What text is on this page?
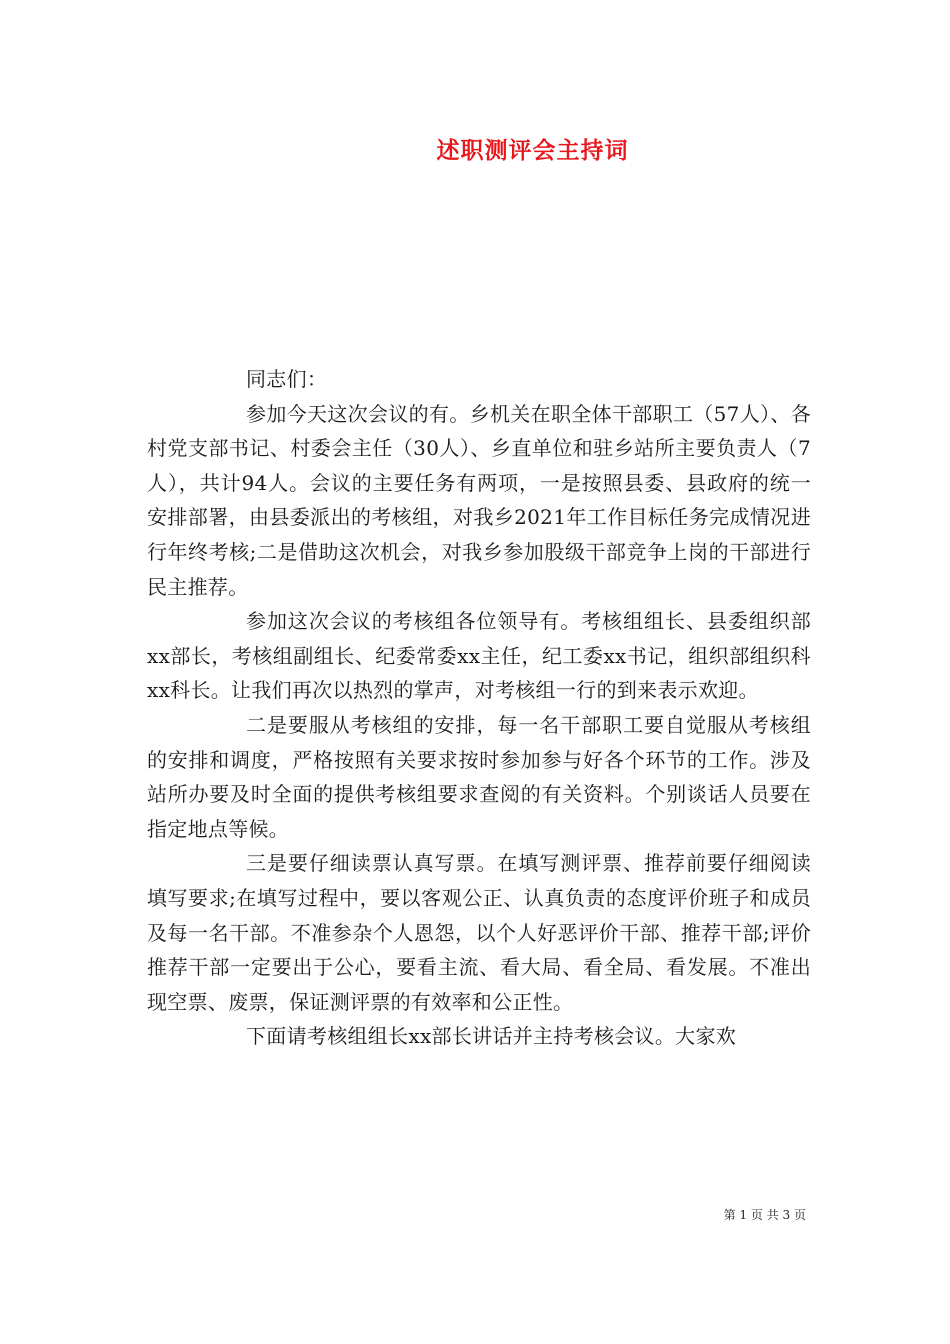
述职测评会主持词

同志们：

参加今天这次会议的有。乡机关在职全体干部职工（57人）、各村党支部书记、村委会主任（30人）、乡直单位和驻乡站所主要负责人（7人），共计94人。会议的主要任务有两项，一是按照县委、县政府的统一安排部署，由县委派出的考核组，对我乡2021年工作目标任务完成情况进行年终考核;二是借助这次机会，对我乡参加股级干部竞争上岗的干部进行民主推荐。

参加这次会议的考核组各位领导有。考核组组长、县委组织部xx部长，考核组副组长、纪委常委xx主任，纪工委xx书记，组织部组织科xx科长。让我们再次以热烈的掌声，对考核组一行的到来表示欢迎。

二是要服从考核组的安排，每一名干部职工要自觉服从考核组的安排和调度，严格按照有关要求按时参加参与好各个环节的工作。涉及站所办要及时全面的提供考核组要求查阅的有关资料。个别谈话人员要在指定地点等候。

三是要仔细读票认真写票。在填写测评票、推荐前要仔细阅读填写要求;在填写过程中，要以客观公正、认真负责的态度评价班子和成员及每一名干部。不准参杂个人恩怨，以个人好恶评价干部、推荐干部;评价推荐干部一定要出于公心，要看主流、看大局、看全局、看发展。不准出现空票、废票，保证测评票的有效率和公正性。

下面请考核组组长xx部长讲话并主持考核会议。大家欢

第 1 页 共 3 页
